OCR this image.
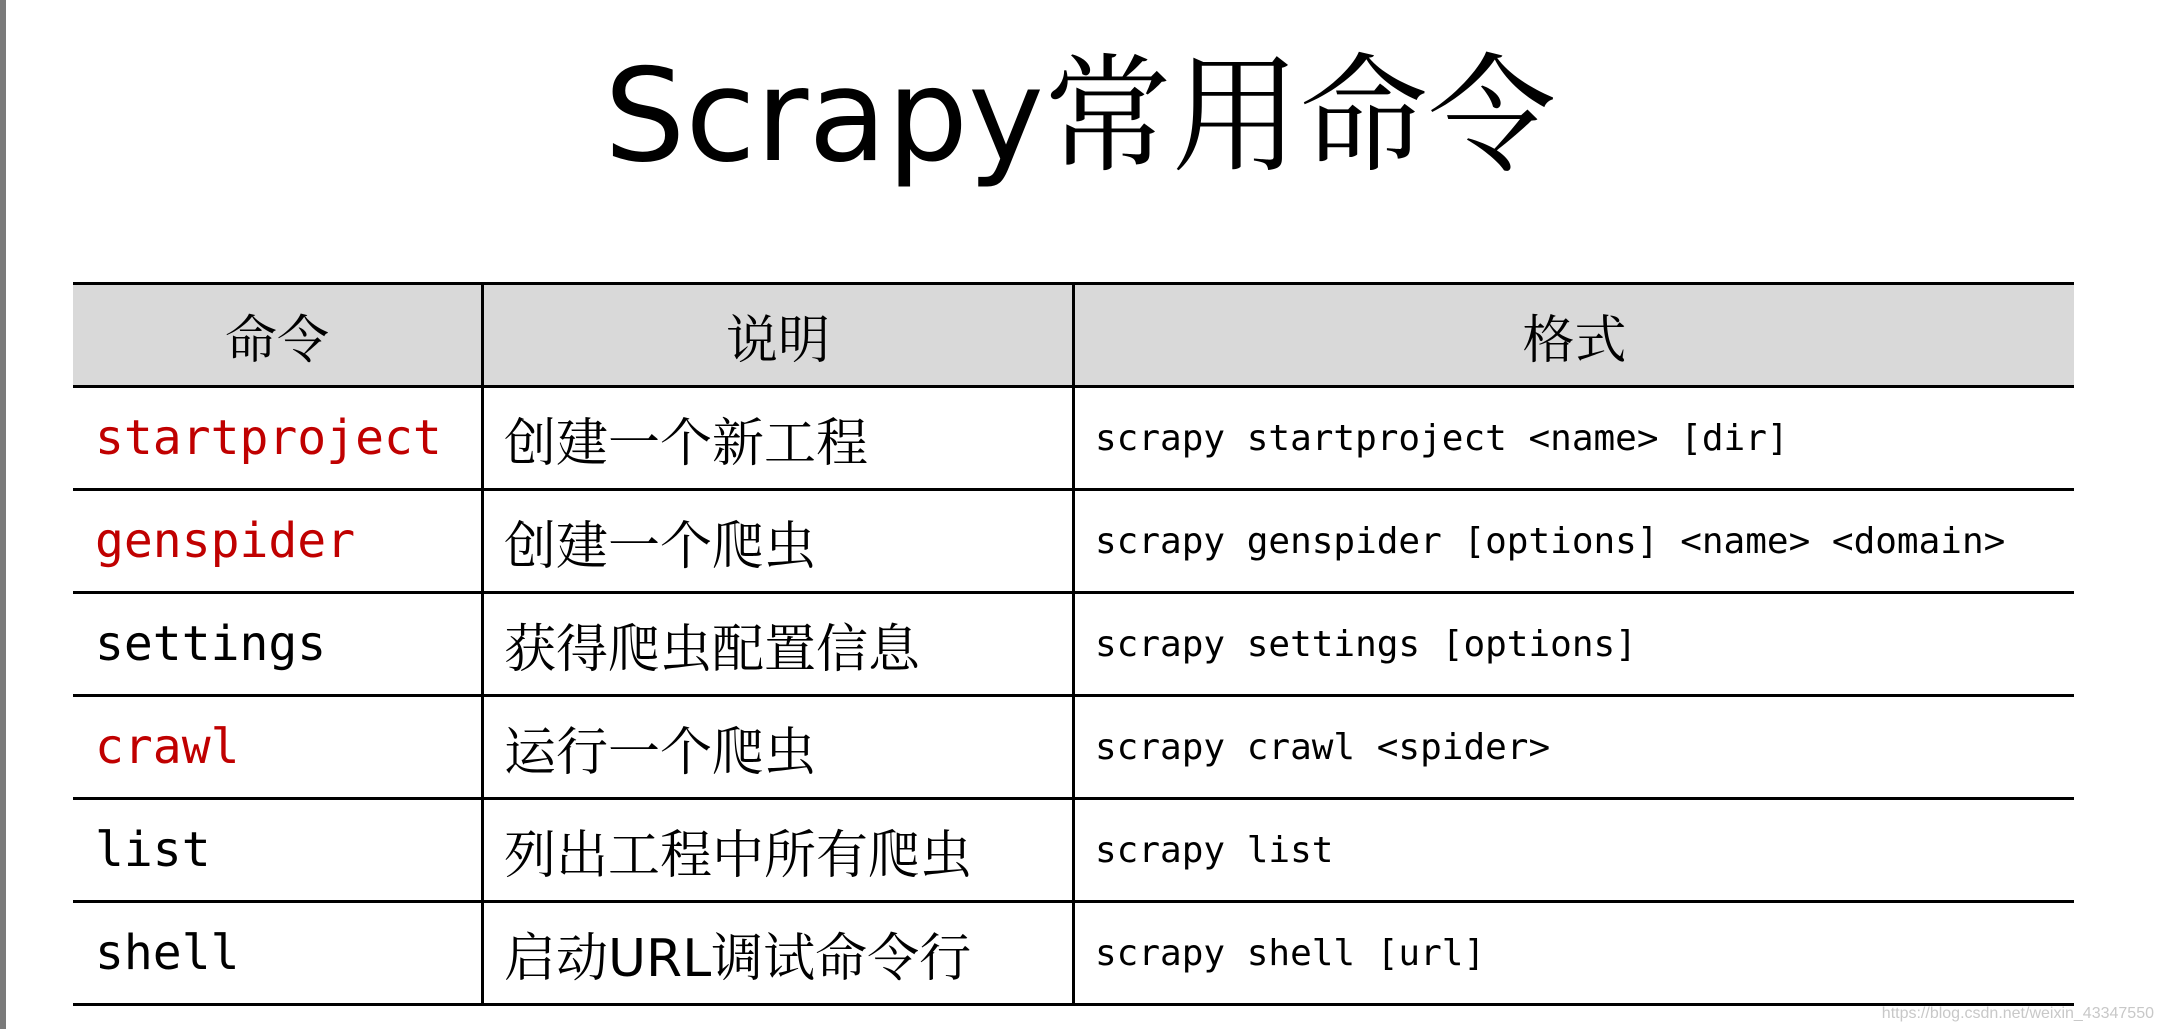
Scrapy常用命令
命令	说明	格式
startproject	创建一个新工程	scrapy startproject <name> [dir]
genspider	创建一个爬虫	scrapy genspider [options] <name> <domain>
settings	获得爬虫配置信息	scrapy settings [options]
crawl	运行一个爬虫	scrapy crawl <spider>
list	列出工程中所有爬虫	scrapy list
shell	启动URL调试命令行	scrapy shell [url]
https://blog.csdn.net/weixin_43347550
